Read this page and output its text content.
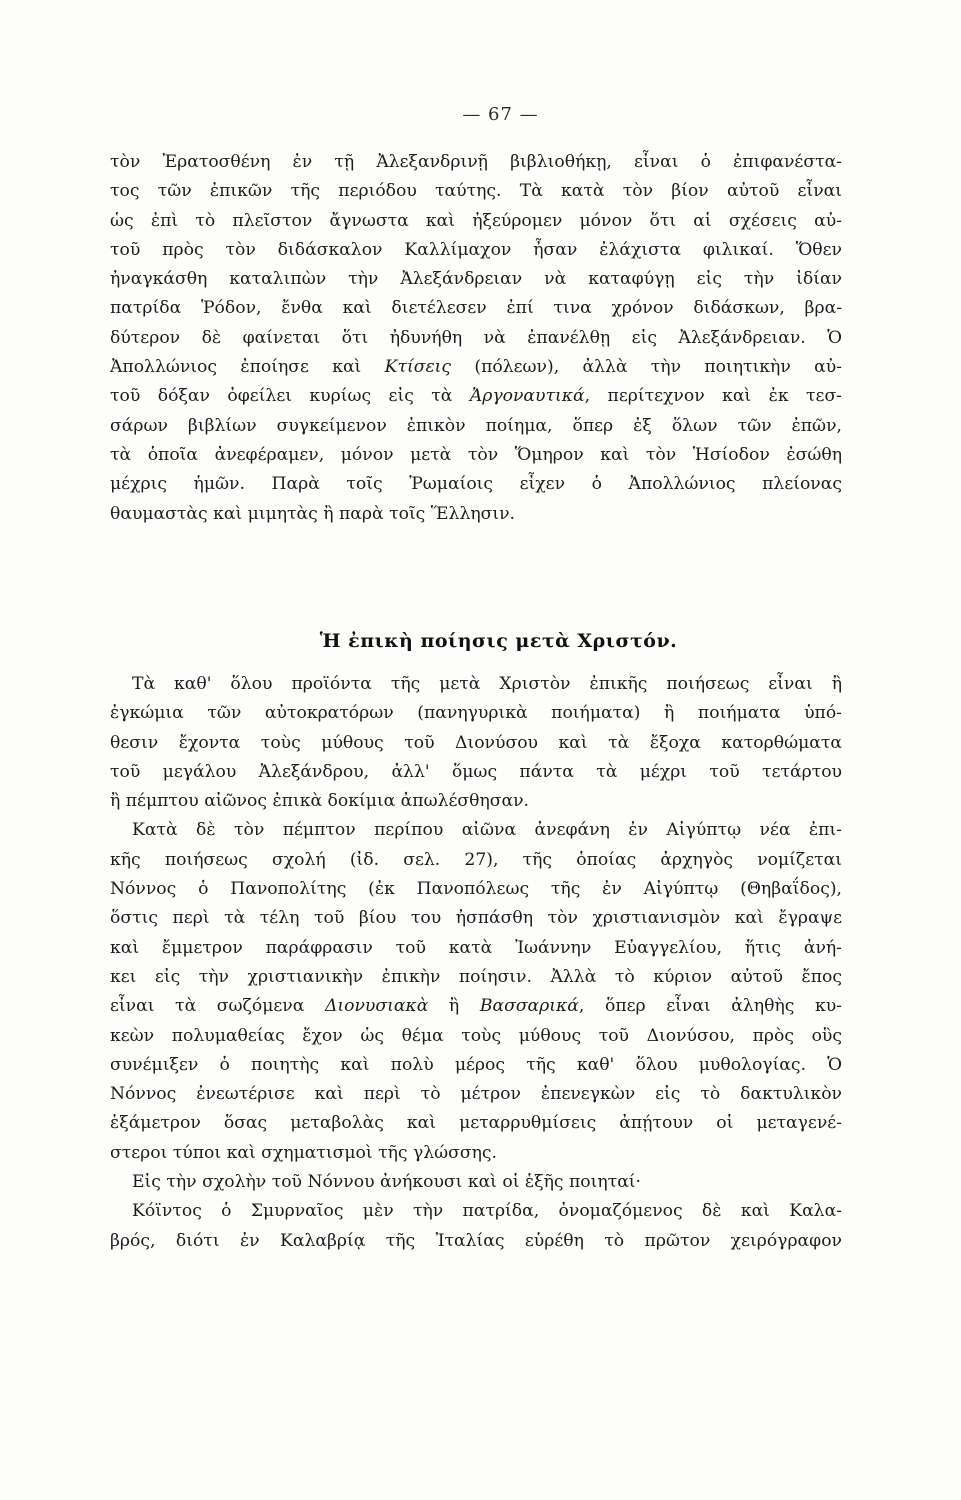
— 67 —
τὸν Ἐρατοσθένη ἐν τῇ Ἀλεξανδρινῇ βιβλιοθήκῃ, εἶναι ὁ ἐπιφανέστα-
τος τῶν ἐπικῶν τῆς περιόδου ταύτης. Τὰ κατὰ τὸν βίον αὐτοῦ εἶναι
ὡς ἐπὶ τὸ πλεῖστον ἄγνωστα καὶ ἠξεύρομεν μόνον ὅτι αἱ σχέσεις αὐ-
τοῦ πρὸς τὸν διδάσκαλον Καλλίμαχον ἦσαν ἐλάχιστα φιλικαί. Ὅθεν
ἠναγκάσθη καταλιπὼν τὴν Ἀλεξάνδρειαν νὰ καταφύγῃ εἰς τὴν ἰδίαν
πατρίδα Ῥόδον, ἔνθα καὶ διετέλεσεν ἐπί τινα χρόνον διδάσκων, βρα-
δύτερον δὲ φαίνεται ὅτι ἠδυνήθη νὰ ἐπανέλθῃ εἰς Ἀλεξάνδρειαν. Ὁ
Ἀπολλώνιος ἐποίησε καὶ Κτίσεις (πόλεων), ἀλλὰ τὴν ποιητικὴν αὐ-
τοῦ δόξαν ὀφείλει κυρίως εἰς τὰ Ἀργοναυτικά, περίτεχνον καὶ ἐκ τεσ-
σάρων βιβλίων συγκείμενον ἐπικὸν ποίημα, ὅπερ ἐξ ὅλων τῶν ἐπῶν,
τὰ ὁποῖα ἀνεφέραμεν, μόνον μετὰ τὸν Ὅμηρον καὶ τὸν Ἡσίοδον ἐσώθη
μέχρις ἡμῶν. Παρὰ τοῖς Ῥωμαίοις εἶχεν ὁ Ἀπολλώνιος πλείονας
θαυμαστὰς καὶ μιμητὰς ἢ παρὰ τοῖς Ἕλλησιν.
Ἡ ἐπικὴ ποίησις μετὰ Χριστόν.
Τὰ καθ' ὅλου προϊόντα τῆς μετὰ Χριστὸν ἐπικῆς ποιήσεως εἶναι ἢ
ἐγκώμια τῶν αὐτοκρατόρων (πανηγυρικὰ ποιήματα) ἢ ποιήματα ὑπό-
θεσιν ἔχοντα τοὺς μύθους τοῦ Διονύσου καὶ τὰ ἔξοχα κατορθώματα
τοῦ μεγάλου Ἀλεξάνδρου, ἀλλ' ὅμως πάντα τὰ μέχρι τοῦ τετάρτου
ἢ πέμπτου αἰῶνος ἐπικὰ δοκίμια ἀπωλέσθησαν.
Κατὰ δὲ τὸν πέμπτον περίπου αἰῶνα ἀνεφάνη ἐν Αἰγύπτῳ νέα ἐπι-
κῆς ποιήσεως σχολή (ἰδ. σελ. 27), τῆς ὁποίας ἀρχηγὸς νομίζεται
Νόννος ὁ Πανοπολίτης (ἐκ Πανοπόλεως τῆς ἐν Αἰγύπτῳ (Θηβαΐδος),
ὅστις περὶ τὰ τέλη τοῦ βίου του ἠσπάσθη τὸν χριστιανισμὸν καὶ ἔγραψε
καὶ ἔμμετρον παράφρασιν τοῦ κατὰ Ἰωάννην Εὐαγγελίου, ἥτις ἀνή-
κει εἰς τὴν χριστιανικὴν ἐπικὴν ποίησιν. Ἀλλὰ τὸ κύριον αὐτοῦ ἔπος
εἶναι τὰ σωζόμενα Διονυσιακὰ ἢ Βασσαρικά, ὅπερ εἶναι ἀληθὴς κυ-
κεὼν πολυμαθείας ἔχον ὡς θέμα τοὺς μύθους τοῦ Διονύσου, πρὸς οὓς
συνέμιξεν ὁ ποιητὴς καὶ πολὺ μέρος τῆς καθ' ὅλου μυθολογίας. Ὁ
Νόννος ἐνεωτέρισε καὶ περὶ τὸ μέτρον ἐπενεγκὼν εἰς τὸ δακτυλικὸν
ἑξάμετρον ὅσας μεταβολὰς καὶ μεταρρυθμίσεις ἀπῄτουν οἱ μεταγενέ-
στεροι τύποι καὶ σχηματισμοὶ τῆς γλώσσης.
Εἰς τὴν σχολὴν τοῦ Νόννου ἀνήκουσι καὶ οἱ ἑξῆς ποιηταί·
Κόϊντος ὁ Σμυρναῖος μὲν τὴν πατρίδα, ὀνομαζόμενος δὲ καὶ Καλα-
βρός, διότι ἐν Καλαβρίᾳ τῆς Ἰταλίας εὑρέθη τὸ πρῶτον χειρόγραφον
